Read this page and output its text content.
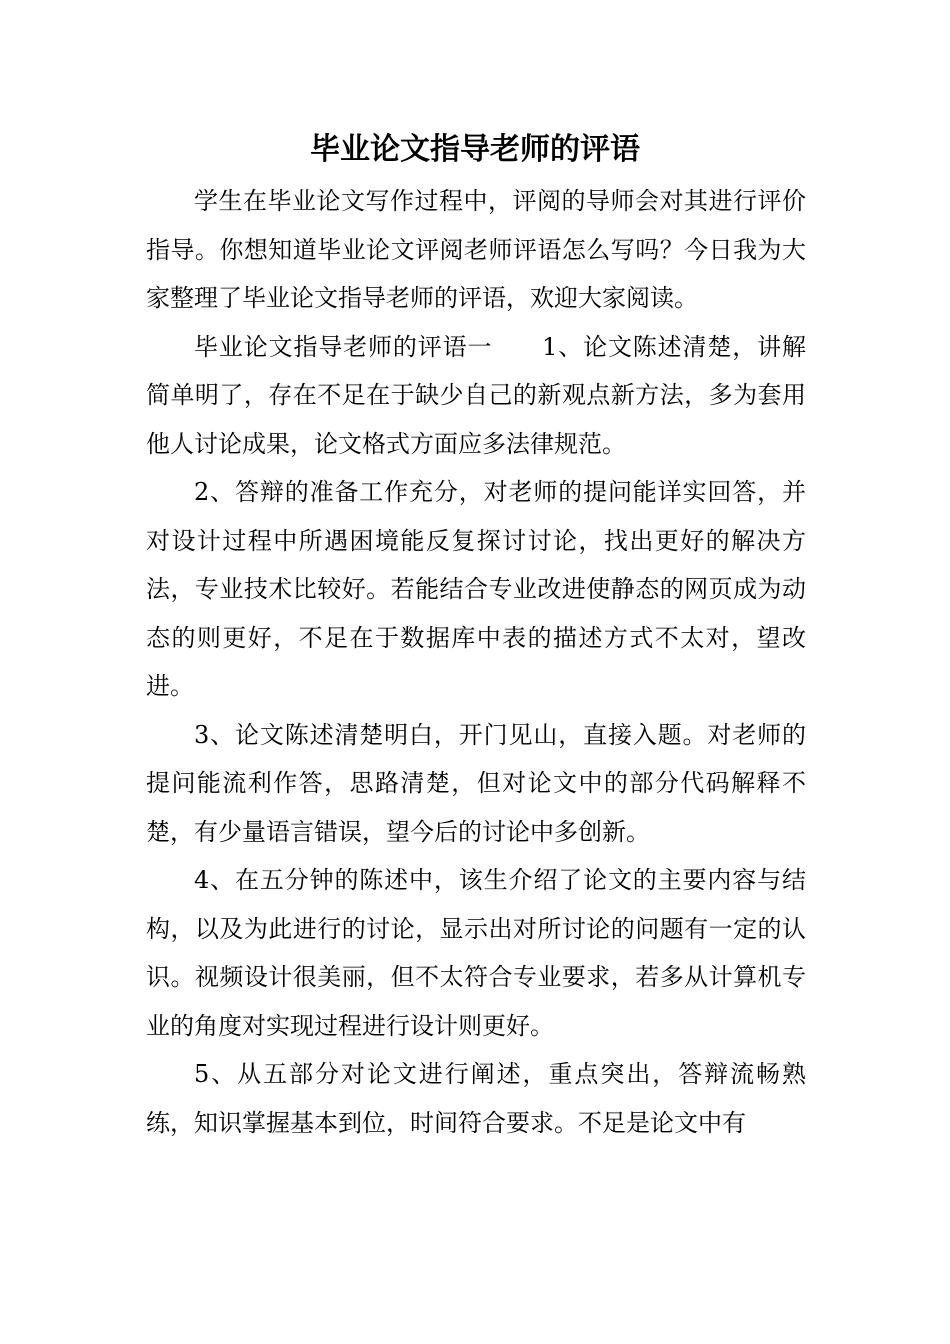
毕业论文指导老师的评语

学生在毕业论文写作过程中，评阅的导师会对其进行评价指导。你想知道毕业论文评阅老师评语怎么写吗？今日我为大家整理了毕业论文指导老师的评语，欢迎大家阅读。

毕业论文指导老师的评语一　　1、论文陈述清楚，讲解简单明了，存在不足在于缺少自己的新观点新方法，多为套用他人讨论成果，论文格式方面应多法律规范。

2、答辩的准备工作充分，对老师的提问能详实回答，并对设计过程中所遇困境能反复探讨讨论，找出更好的解决方法，专业技术比较好。若能结合专业改进使静态的网页成为动态的则更好，不足在于数据库中表的描述方式不太对，望改进。

3、论文陈述清楚明白，开门见山，直接入题。对老师的提问能流利作答，思路清楚，但对论文中的部分代码解释不楚，有少量语言错误，望今后的讨论中多创新。

4、在五分钟的陈述中，该生介绍了论文的主要内容与结构，以及为此进行的讨论，显示出对所讨论的问题有一定的认识。视频设计很美丽，但不太符合专业要求，若多从计算机专业的角度对实现过程进行设计则更好。

5、从五部分对论文进行阐述，重点突出，答辩流畅熟练，知识掌握基本到位，时间符合要求。不足是论文中有
